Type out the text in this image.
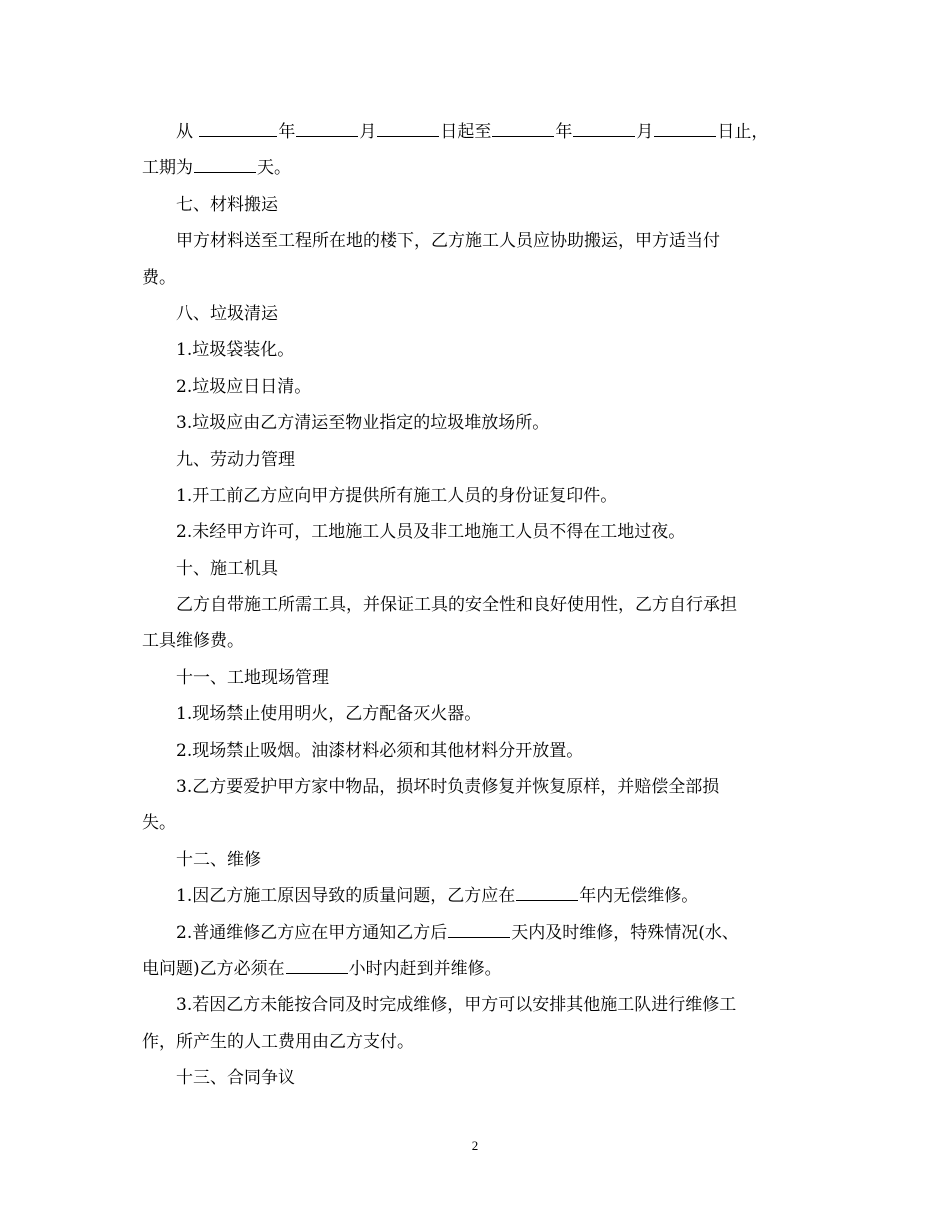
从	年	月	日起至	年	月	日止，
工期为	天。
七、材料搬运
甲方材料送至工程所在地的楼下，乙方施工人员应协助搬运，甲方适当付
费。
八、垃圾清运
1.垃圾袋装化。
2.垃圾应日日清。
3.垃圾应由乙方清运至物业指定的垃圾堆放场所。
九、劳动力管理
1.开工前乙方应向甲方提供所有施工人员的身份证复印件。
2.未经甲方许可，工地施工人员及非工地施工人员不得在工地过夜。
十、施工机具
乙方自带施工所需工具，并保证工具的安全性和良好使用性，乙方自行承担
工具维修费。
十一、工地现场管理
1.现场禁止使用明火，乙方配备灭火器。
2.现场禁止吸烟。油漆材料必须和其他材料分开放置。
3.乙方要爱护甲方家中物品，损坏时负责修复并恢复原样，并赔偿全部损
失。
十二、维修
1.因乙方施工原因导致的质量问题，乙方应在	年内无偿维修。
2.普通维修乙方应在甲方通知乙方后	天内及时维修，特殊情况(水、
电问题)乙方必须在	小时内赶到并维修。
3.若因乙方未能按合同及时完成维修，甲方可以安排其他施工队进行维修工
作，所产生的人工费用由乙方支付。
十三、合同争议
2
